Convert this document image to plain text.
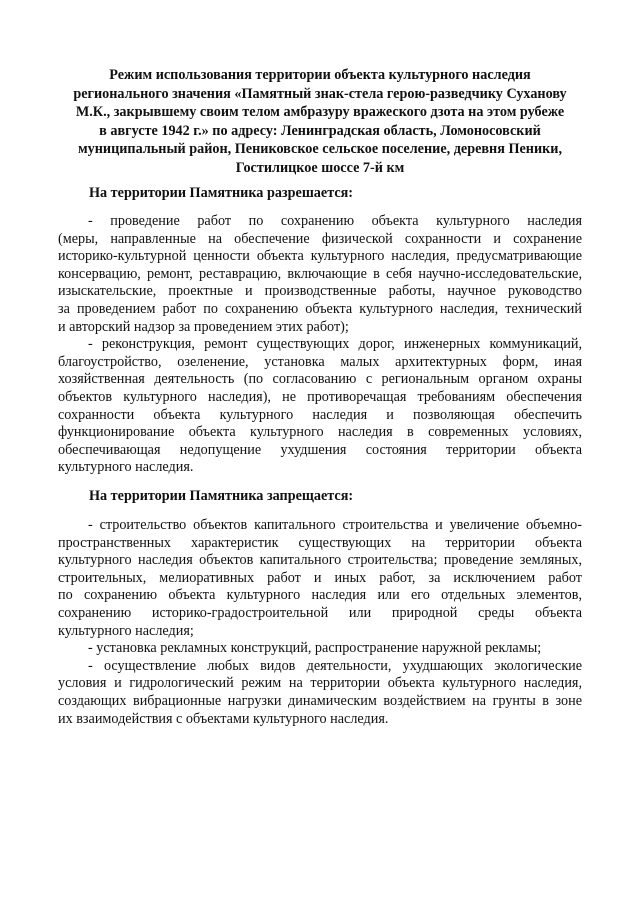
Режим использования территории объекта культурного наследия
регионального значения «Памятный знак-стела герою-разведчику Суханову
М.К., закрывшему своим телом амбразуру вражеского дзота на этом рубеже
в августе 1942 г.» по адресу: Ленинградская область, Ломоносовский
муниципальный район, Пениковское сельское поселение, деревня Пеники,
Гостилицкое шоссе 7-й км
На территории Памятника разрешается:
- проведение работ по сохранению объекта культурного наследия
(меры, направленные на обеспечение физической сохранности и сохранение
историко-культурной ценности объекта культурного наследия, предусматривающие
консервацию, ремонт, реставрацию, включающие в себя научно-исследовательские,
изыскательские, проектные и производственные работы, научное руководство
за проведением работ по сохранению объекта культурного наследия, технический
и авторский надзор за проведением этих работ);
- реконструкция, ремонт существующих дорог, инженерных коммуникаций,
благоустройство, озеленение, установка малых архитектурных форм, иная
хозяйственная деятельность (по согласованию с региональным органом охраны
объектов культурного наследия), не противоречащая требованиям обеспечения
сохранности объекта культурного наследия и позволяющая обеспечить
функционирование объекта культурного наследия в современных условиях,
обеспечивающая недопущение ухудшения состояния территории объекта
культурного наследия.
На территории Памятника запрещается:
- строительство объектов капитального строительства и увеличение объемно-
пространственных характеристик существующих на территории объекта
культурного наследия объектов капитального строительства; проведение земляных,
строительных, мелиоративных работ и иных работ, за исключением работ
по сохранению объекта культурного наследия или его отдельных элементов,
сохранению историко-градостроительной или природной среды объекта
культурного наследия;
- установка рекламных конструкций, распространение наружной рекламы;
- осуществление любых видов деятельности, ухудшающих экологические
условия и гидрологический режим на территории объекта культурного наследия,
создающих вибрационные нагрузки динамическим воздействием на грунты в зоне
их взаимодействия с объектами культурного наследия.
